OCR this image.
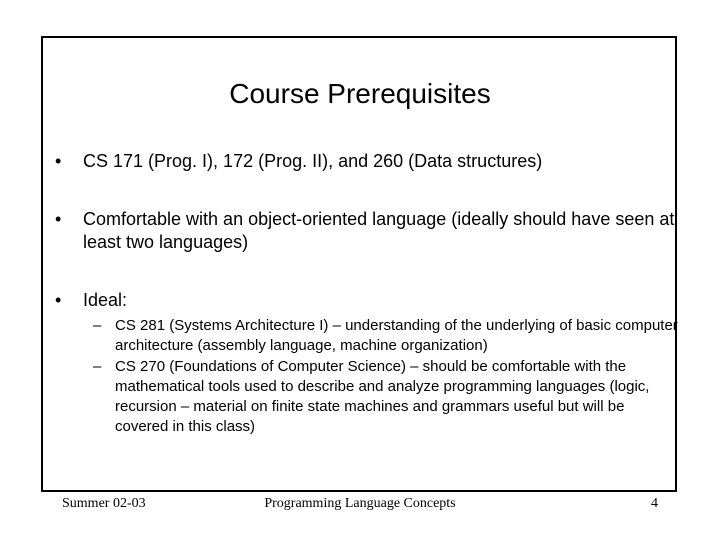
Course Prerequisites
• CS 171 (Prog. I), 172 (Prog. II), and 260 (Data structures)
• Comfortable with an object-oriented language (ideally should have seen at least two languages)
• Ideal:
– CS 281 (Systems Architecture I) – understanding of the underlying of basic computer architecture (assembly language, machine organization)
– CS 270 (Foundations of Computer Science) – should be comfortable with the mathematical tools used to describe and analyze programming languages (logic, recursion – material on finite state machines and grammars useful but will be covered in this class)
Summer 02-03	Programming Language Concepts	4
